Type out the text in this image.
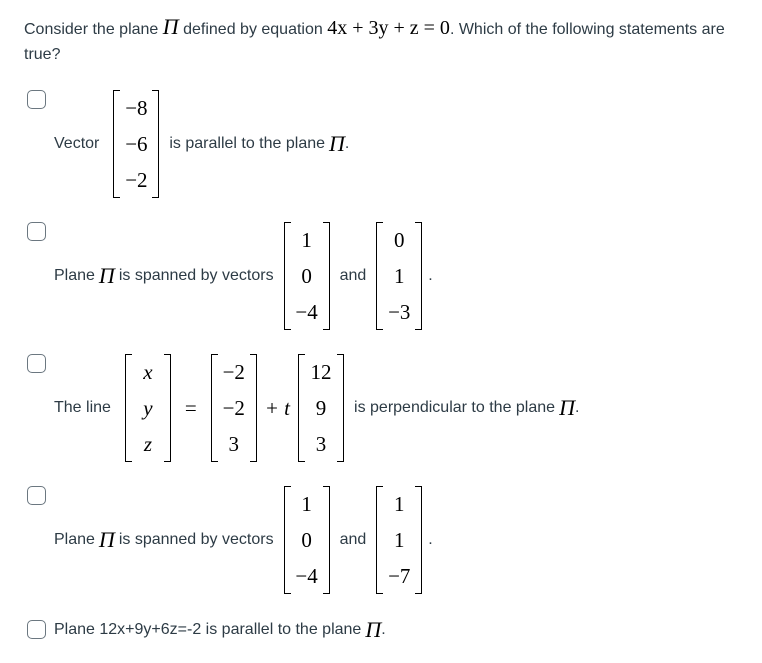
Consider the plane Π defined by equation 4x + 3y + z = 0. Which of the following statements are true?
Vector
−8
−6
−2
is parallel to the plane Π .
Plane Π is spanned by vectors
1
0
−4
and
0
1
−3
.
The line
x
y
z
=
−2
−2
3
+ t
12
9
3
is perpendicular to the plane Π .
Plane Π is spanned by vectors
1
0
−4
and
1
1
−7
.
Plane 12x+9y+6z=-2 is parallel to the plane Π .
